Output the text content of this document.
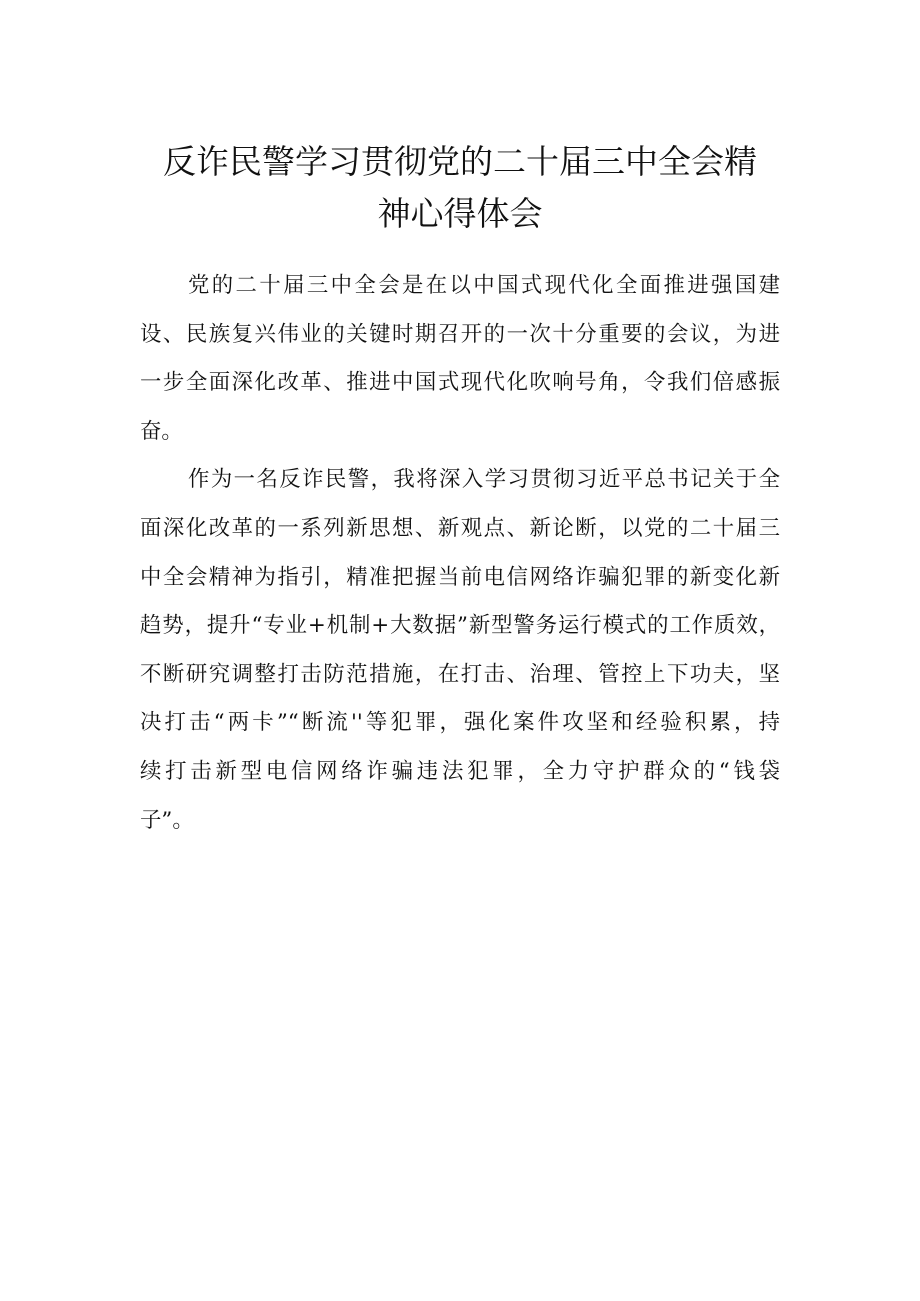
反诈民警学习贯彻党的二十届三中全会精
神心得体会

党的二十届三中全会是在以中国式现代化全面推进强国建
设、民族复兴伟业的关键时期召开的一次十分重要的会议，为进
一步全面深化改革、推进中国式现代化吹响号角，令我们倍感振
奋。

作为一名反诈民警，我将深入学习贯彻习近平总书记关于全
面深化改革的一系列新思想、新观点、新论断，以党的二十届三
中全会精神为指引，精准把握当前电信网络诈骗犯罪的新变化新
趋势，提升“专业+机制+大数据”新型警务运行模式的工作质效，
不断研究调整打击防范措施，在打击、治理、管控上下功夫，坚
决打击“两卡”“断流''等犯罪，强化案件攻坚和经验积累，持
续打击新型电信网络诈骗违法犯罪，全力守护群众的“钱袋
子”。
